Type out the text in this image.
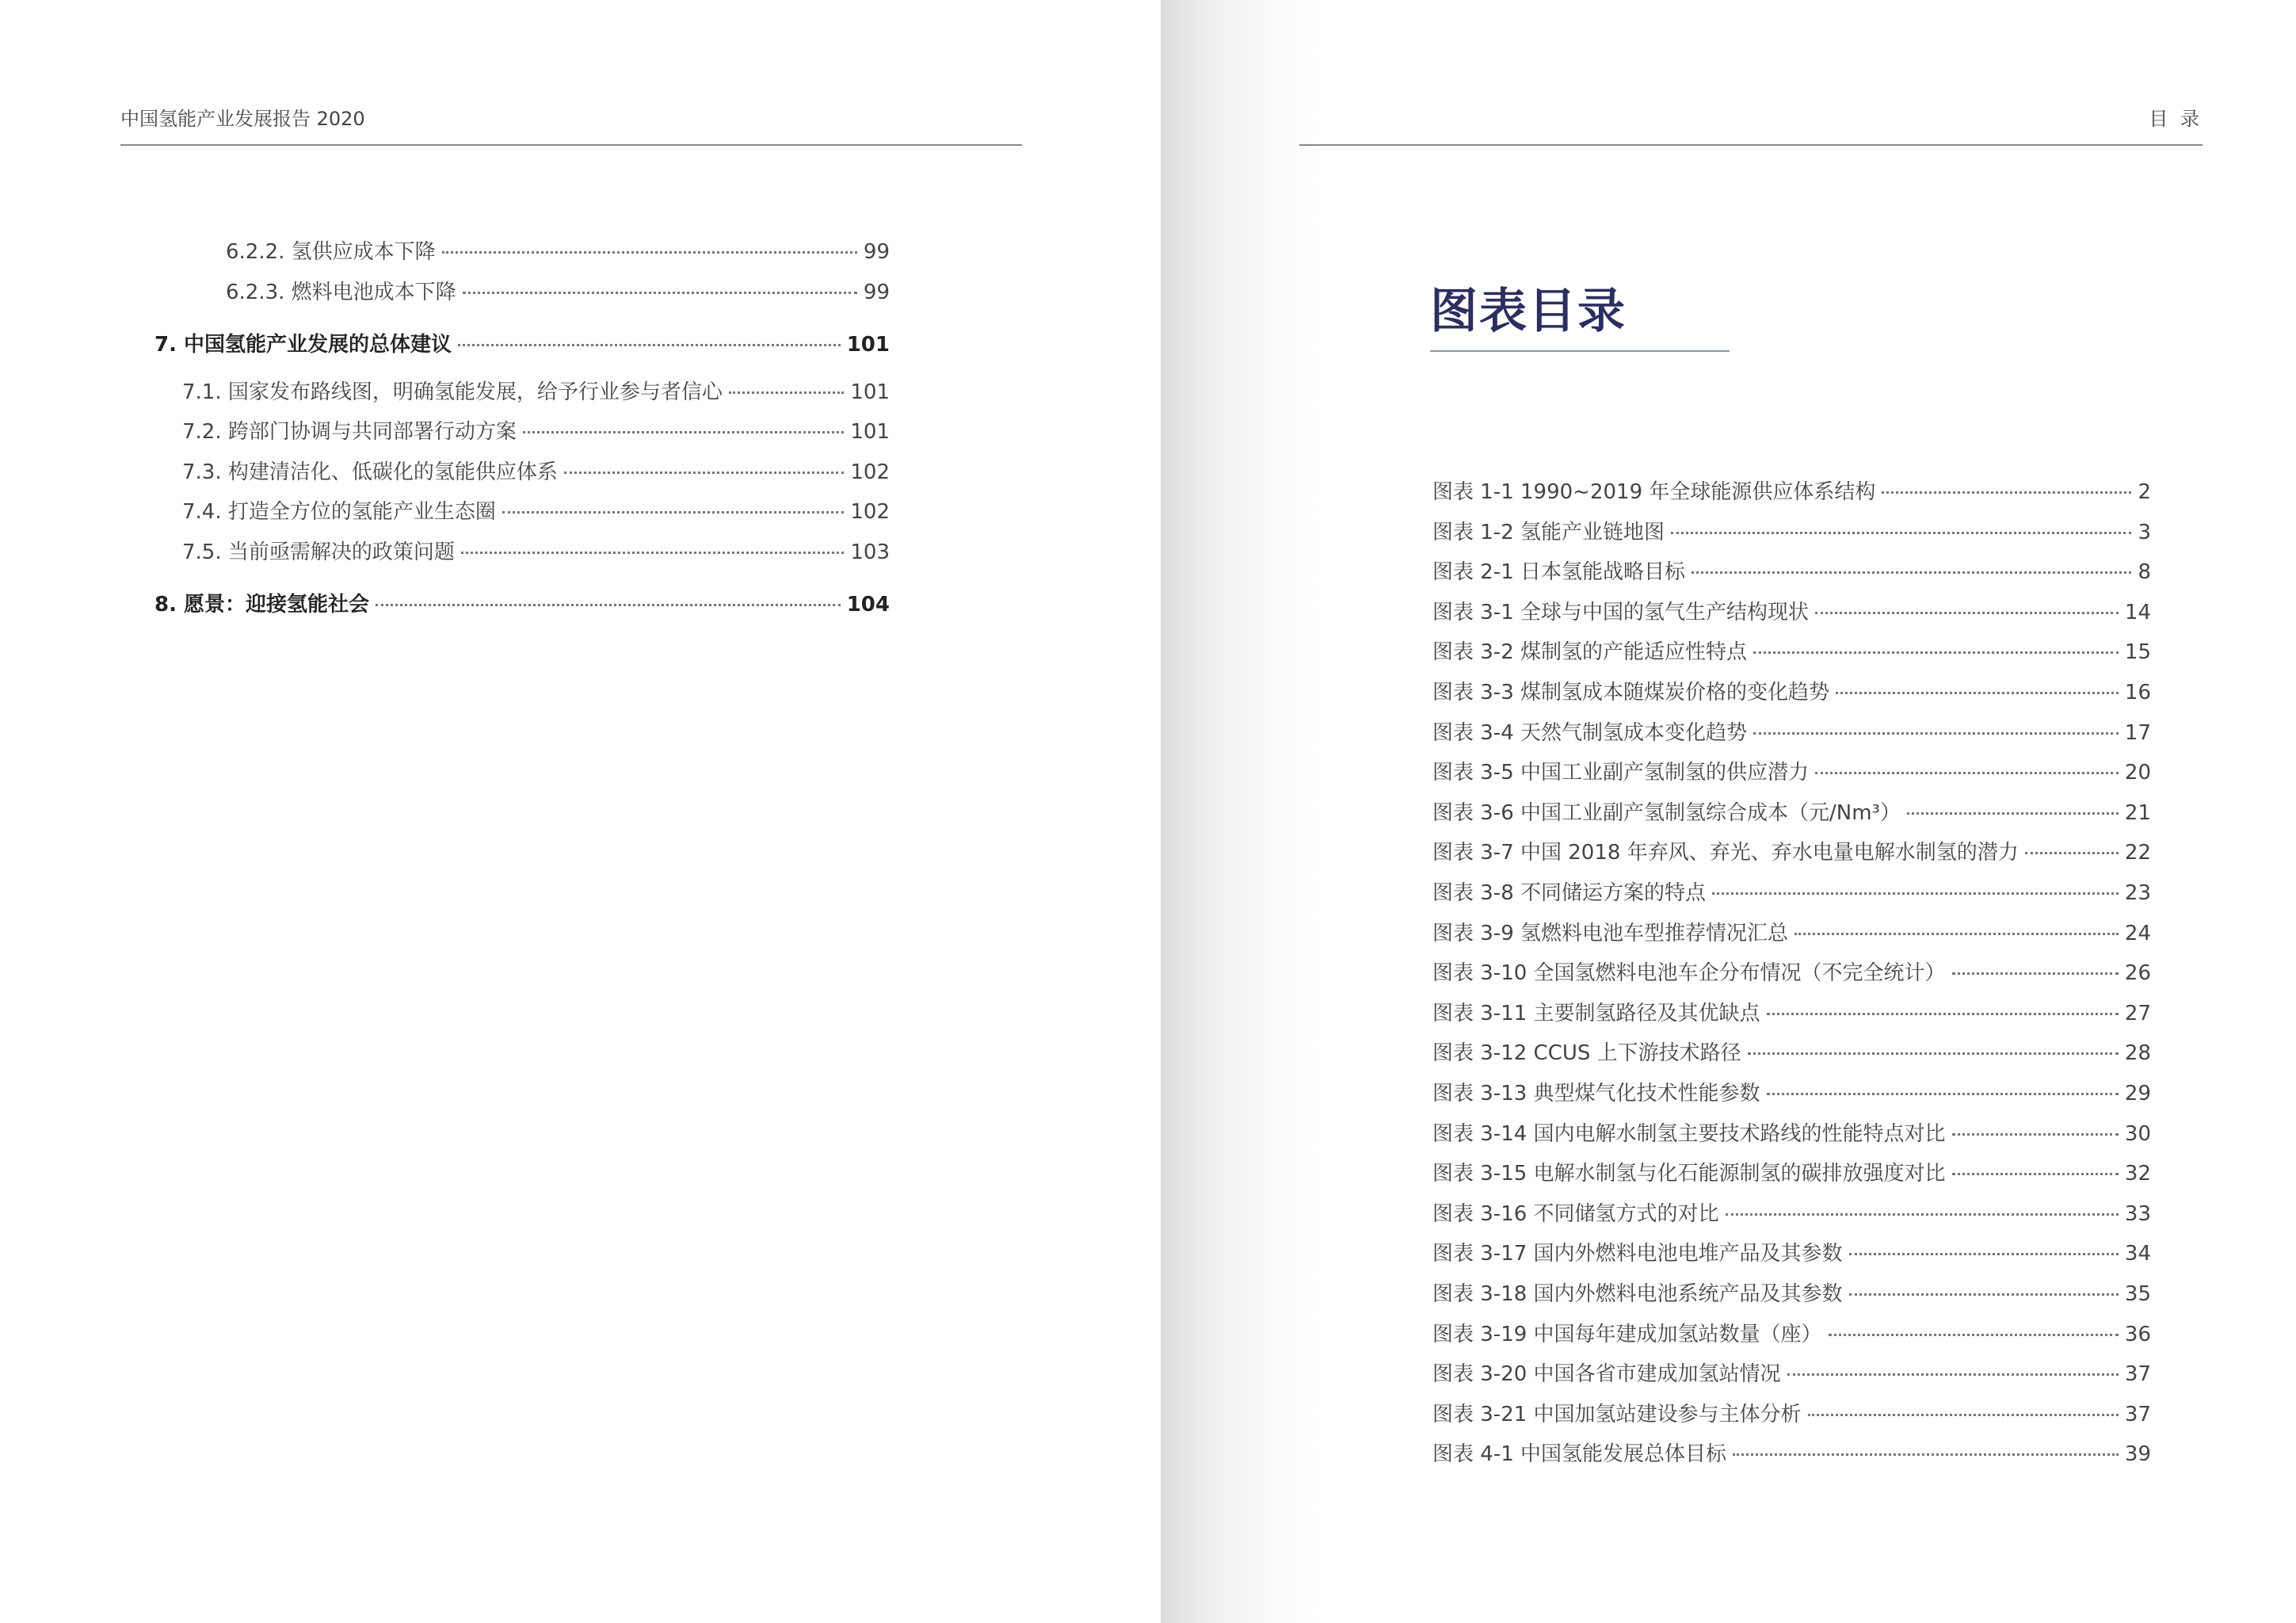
中国氢能产业发展报告 2020
6.2.2. 氢供应成本下降	99
6.2.3. 燃料电池成本下降	99
7. 中国氢能产业发展的总体建议	101
7.1. 国家发布路线图，明确氢能发展，给予行业参与者信心	101
7.2. 跨部门协调与共同部署行动方案	101
7.3. 构建清洁化、低碳化的氢能供应体系	102
7.4. 打造全方位的氢能产业生态圈	102
7.5. 当前亟需解决的政策问题	103
8. 愿景：迎接氢能社会	104
目 录
图表目录
图表 1-1 1990~2019 年全球能源供应体系结构	2
图表 1-2 氢能产业链地图	3
图表 2-1 日本氢能战略目标	8
图表 3-1 全球与中国的氢气生产结构现状	14
图表 3-2 煤制氢的产能适应性特点	15
图表 3-3 煤制氢成本随煤炭价格的变化趋势	16
图表 3-4 天然气制氢成本变化趋势	17
图表 3-5 中国工业副产氢制氢的供应潜力	20
图表 3-6 中国工业副产氢制氢综合成本（元/Nm³）	21
图表 3-7 中国 2018 年弃风、弃光、弃水电量电解水制氢的潜力	22
图表 3-8 不同储运方案的特点	23
图表 3-9 氢燃料电池车型推荐情况汇总	24
图表 3-10 全国氢燃料电池车企分布情况（不完全统计）	26
图表 3-11 主要制氢路径及其优缺点	27
图表 3-12 CCUS 上下游技术路径	28
图表 3-13 典型煤气化技术性能参数	29
图表 3-14 国内电解水制氢主要技术路线的性能特点对比	30
图表 3-15 电解水制氢与化石能源制氢的碳排放强度对比	32
图表 3-16 不同储氢方式的对比	33
图表 3-17 国内外燃料电池电堆产品及其参数	34
图表 3-18 国内外燃料电池系统产品及其参数	35
图表 3-19 中国每年建成加氢站数量（座）	36
图表 3-20 中国各省市建成加氢站情况	37
图表 3-21 中国加氢站建设参与主体分析	37
图表 4-1 中国氢能发展总体目标	39
